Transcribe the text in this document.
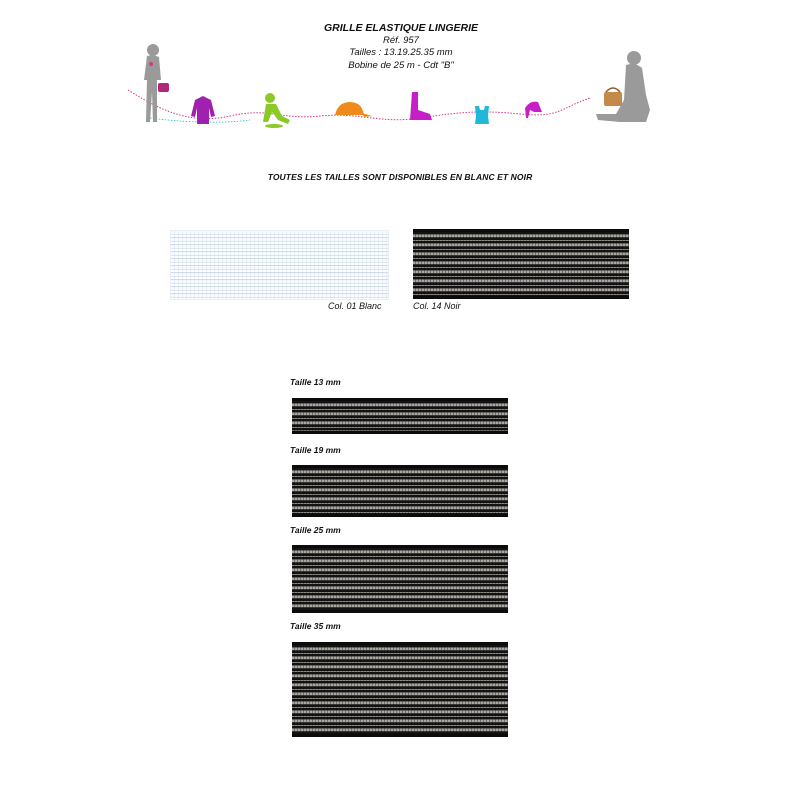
GRILLE ELASTIQUE LINGERIE
Réf. 957
Tailles : 13.19.25.35 mm
Bobine de 25 m - Cdt "B"
TOUTES LES TAILLES SONT DISPONIBLES EN BLANC ET NOIR
Col. 01 Blanc	Col. 14 Noir
Taille 13 mm
Taille 19 mm
Taille 25 mm
Taille 35 mm
